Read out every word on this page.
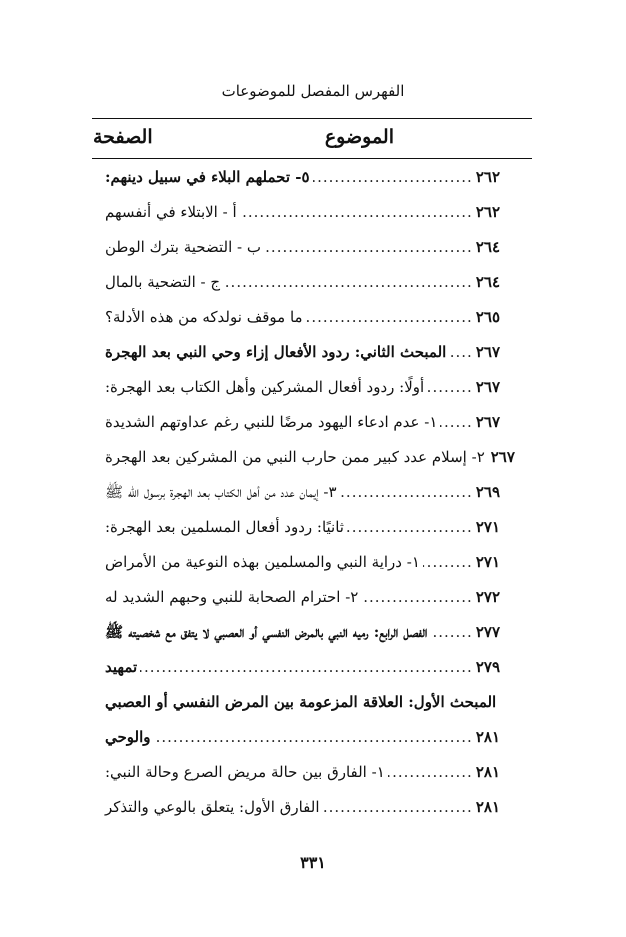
الفهرس المفصل للموضوعات
الموضوع
الصفحة
٥- تحملهم البلاء في سبيل دينهم: .....	٢٦٢
أ - الابتلاء في أنفسهم .....	٢٦٢
ب - التضحية بترك الوطن .....	٢٦٤
ج - التضحية بالمال .....	٢٦٤
ما موقف نولدكه من هذه الأدلة؟ .....	٢٦٥
المبحث الثاني: ردود الأفعال إزاء وحي النبي بعد الهجرة ..... ٢٦٧
أولًا: ردود أفعال المشركين وأهل الكتاب بعد الهجرة: .....	٢٦٧
١- عدم ادعاء اليهود مرضًا للنبي رغم عداوتهم الشديدة .....	٢٦٧
٢- إسلام عدد كبير ممن حارب النبي من المشركين بعد الهجرة ٢٦٧
٣- إيمان عدد من أهل الكتاب بعد الهجرة برسول الله ﷺ .....	٢٦٩
ثانيًا: ردود أفعال المسلمين بعد الهجرة: .....	٢٧١
١- دراية النبي والمسلمين بهذه النوعية من الأمراض .....	٢٧١
٢- احترام الصحابة للنبي وحبهم الشديد له .....	٢٧٢
الفصل الرابع: رميه النبي بالمرض النفسي أو العصبي لا يتفق مع شخصيته ﷺ .....	٢٧٧
تمهيد .....	٢٧٩
المبحث الأول: العلاقة المزعومة بين المرض النفسي أو العصبي
والوحي .....	٢٨١
١- الفارق بين حالة مريض الصرع وحالة النبي: .....	٢٨١
الفارق الأول: يتعلق بالوعي والتذكر .....	٢٨١
٣٣١
